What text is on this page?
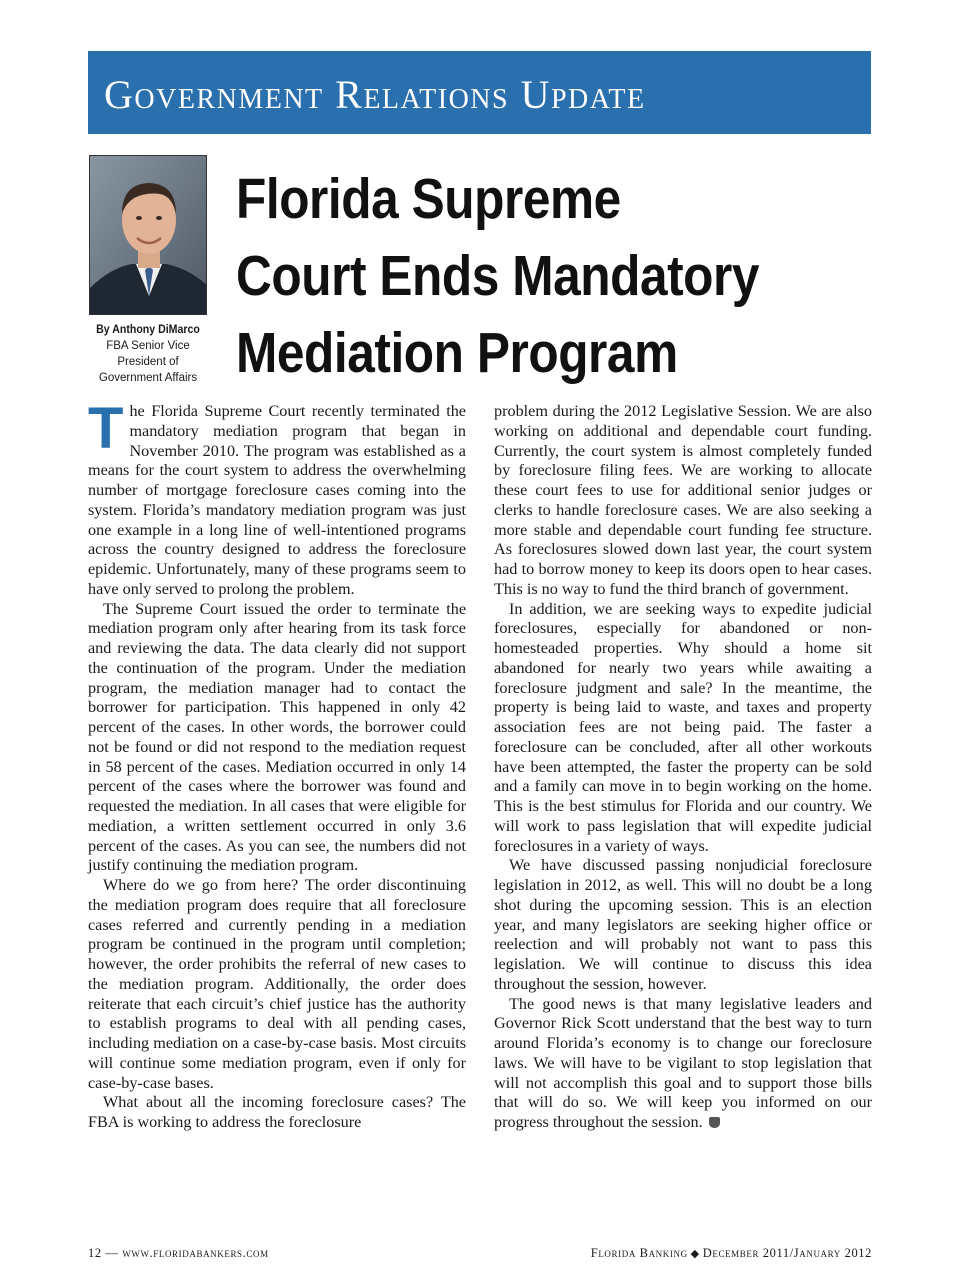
Government Relations Update
By Anthony DiMarco
FBA Senior Vice
President of
Government Affairs
Florida Supreme
Court Ends Mandatory
Mediation Program

The Florida Supreme Court recently terminated the mandatory mediation program that began in November 2010. The program was established as a means for the court system to address the overwhelming number of mortgage foreclosure cases coming into the system. Florida’s mandatory mediation program was just one example in a long line of well-intentioned programs across the country designed to address the foreclosure epidemic. Unfortunately, many of these programs seem to have only served to prolong the problem.

The Supreme Court issued the order to terminate the mediation program only after hearing from its task force and reviewing the data. The data clearly did not support the continuation of the program. Under the mediation program, the mediation manager had to contact the borrower for participation. This happened in only 42 percent of the cases. In other words, the borrower could not be found or did not respond to the mediation request in 58 percent of the cases. Mediation occurred in only 14 percent of the cases where the borrower was found and requested the mediation. In all cases that were eligible for mediation, a written settlement occurred in only 3.6 percent of the cases. As you can see, the numbers did not justify continuing the mediation program.

Where do we go from here? The order discontinuing the mediation program does require that all foreclosure cases referred and currently pending in a mediation program be continued in the program until completion; however, the order prohibits the referral of new cases to the mediation program. Additionally, the order does reiterate that each circuit’s chief justice has the authority to establish programs to deal with all pending cases, including mediation on a case-by-case basis. Most circuits will continue some mediation program, even if only for case-by-case bases.

What about all the incoming foreclosure cases? The FBA is working to address the foreclosure

problem during the 2012 Legislative Session. We are also working on additional and dependable court funding. Currently, the court system is almost completely funded by foreclosure filing fees. We are working to allocate these court fees to use for additional senior judges or clerks to handle foreclosure cases. We are also seeking a more stable and dependable court funding fee structure. As foreclosures slowed down last year, the court system had to borrow money to keep its doors open to hear cases. This is no way to fund the third branch of government.

In addition, we are seeking ways to expedite judicial foreclosures, especially for abandoned or non-homesteaded properties. Why should a home sit abandoned for nearly two years while awaiting a foreclosure judgment and sale? In the meantime, the property is being laid to waste, and taxes and property association fees are not being paid. The faster a foreclosure can be concluded, after all other workouts have been attempted, the faster the property can be sold and a family can move in to begin working on the home. This is the best stimulus for Florida and our country. We will work to pass legislation that will expedite judicial foreclosures in a variety of ways.

We have discussed passing nonjudicial foreclosure legislation in 2012, as well. This will no doubt be a long shot during the upcoming session. This is an election year, and many legislators are seeking higher office or reelection and will probably not want to pass this legislation. We will continue to discuss this idea throughout the session, however.

The good news is that many legislative leaders and Governor Rick Scott understand that the best way to turn around Florida’s economy is to change our foreclosure laws. We will have to be vigilant to stop legislation that will not accomplish this goal and to support those bills that will do so. We will keep you informed on our progress throughout the session.

12 — www.floridabankers.com	Florida Banking ◆ December 2011/January 2012
